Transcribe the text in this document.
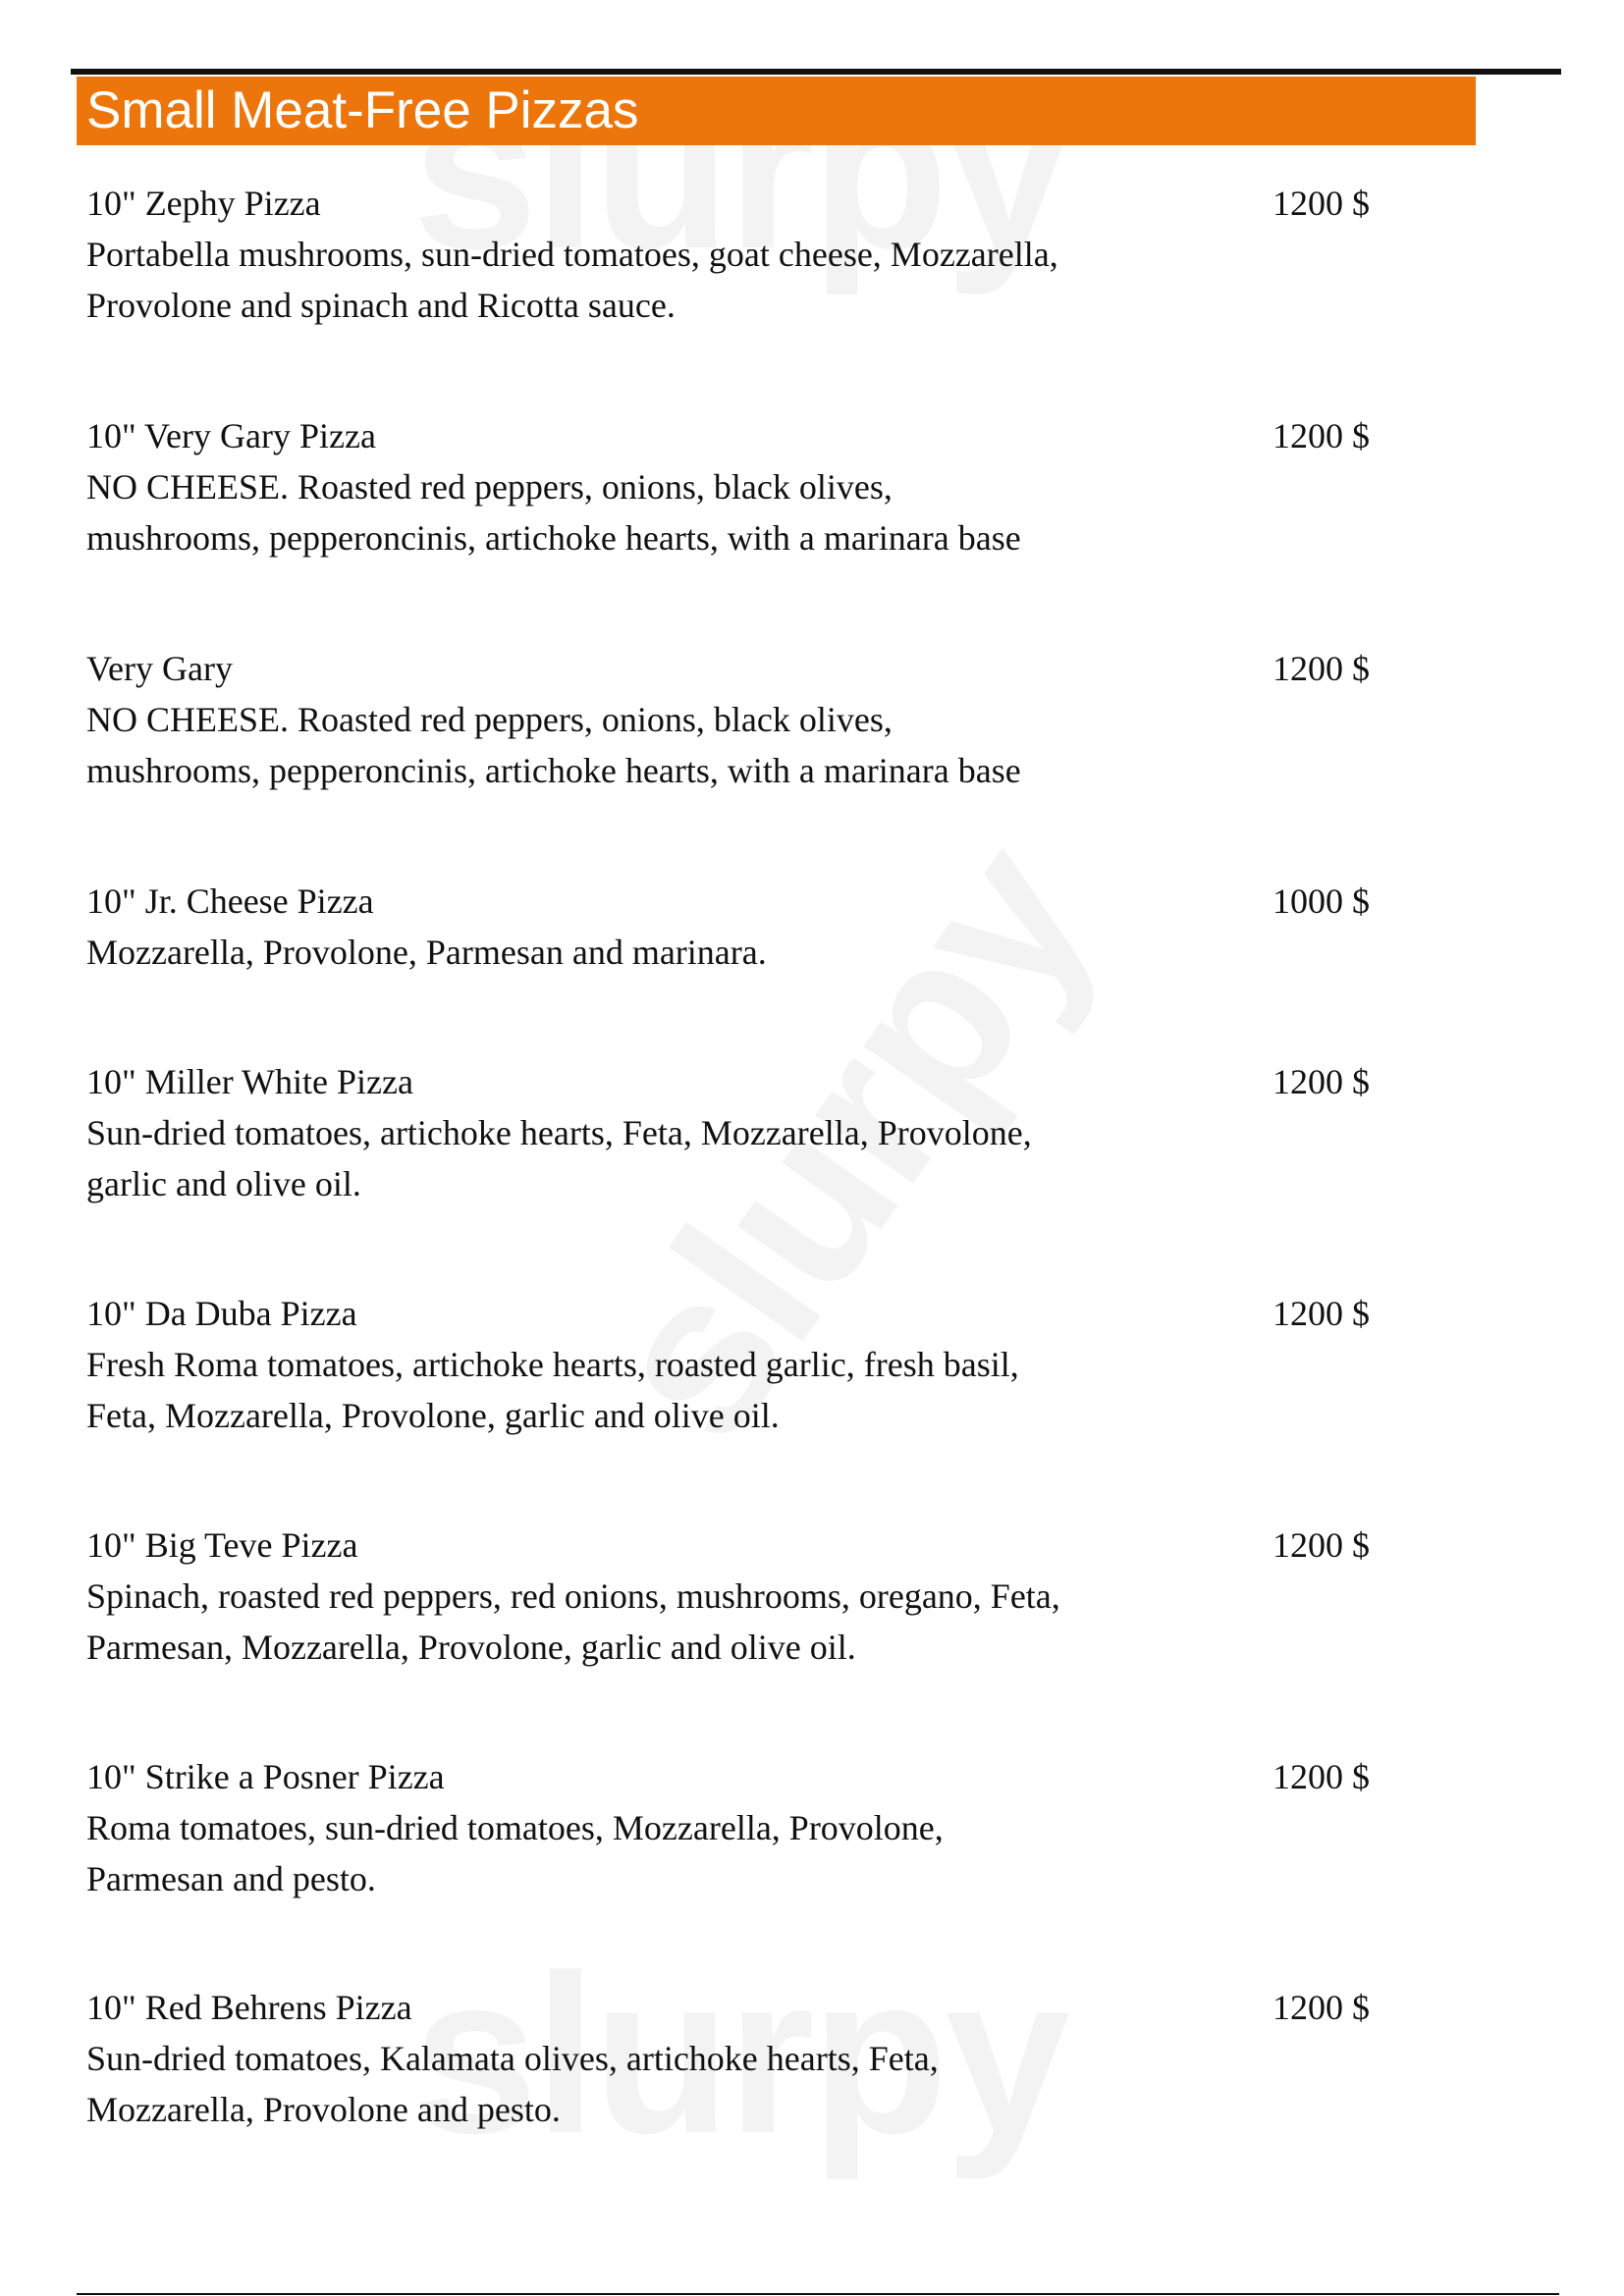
Small Meat-Free Pizzas
10" Zephy Pizza	1200 $
Portabella mushrooms, sun-dried tomatoes, goat cheese, Mozzarella,
Provolone and spinach and Ricotta sauce.
10" Very Gary Pizza	1200 $
NO CHEESE. Roasted red peppers, onions, black olives,
mushrooms, pepperoncinis, artichoke hearts, with a marinara base
Very Gary	1200 $
NO CHEESE. Roasted red peppers, onions, black olives,
mushrooms, pepperoncinis, artichoke hearts, with a marinara base
10" Jr. Cheese Pizza	1000 $
Mozzarella, Provolone, Parmesan and marinara.
10" Miller White Pizza	1200 $
Sun-dried tomatoes, artichoke hearts, Feta, Mozzarella, Provolone,
garlic and olive oil.
10" Da Duba Pizza	1200 $
Fresh Roma tomatoes, artichoke hearts, roasted garlic, fresh basil,
Feta, Mozzarella, Provolone, garlic and olive oil.
10" Big Teve Pizza	1200 $
Spinach, roasted red peppers, red onions, mushrooms, oregano, Feta,
Parmesan, Mozzarella, Provolone, garlic and olive oil.
10" Strike a Posner Pizza	1200 $
Roma tomatoes, sun-dried tomatoes, Mozzarella, Provolone,
Parmesan and pesto.
10" Red Behrens Pizza	1200 $
Sun-dried tomatoes, Kalamata olives, artichoke hearts, Feta,
Mozzarella, Provolone and pesto.
